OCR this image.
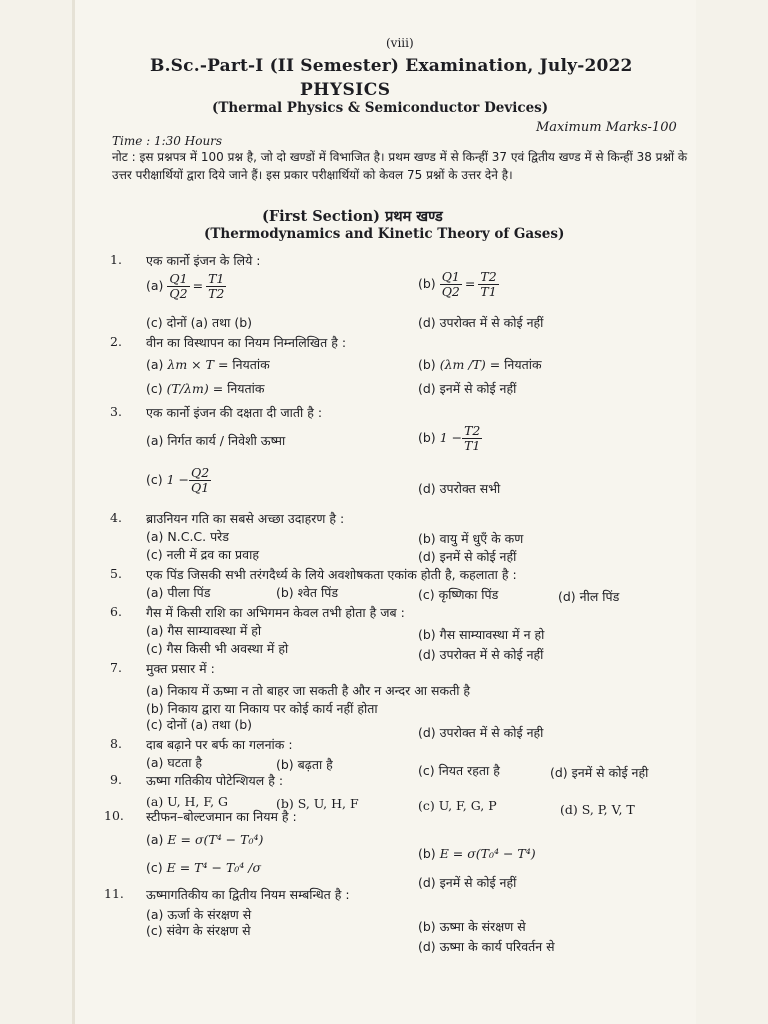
(viii)
B.Sc.-Part-I (II Semester) Examination, July-2022
PHYSICS
(Thermal Physics & Semiconductor Devices)
Maximum Marks-100
Time : 1:30 Hours
नोट : इस प्रश्नपत्र में 100 प्रश्न है, जो दो खण्डों में विभाजित है। प्रथम खण्ड में से किन्हीं 37 एवं द्वितीय खण्ड में से किन्हीं 38 प्रश्नों के उत्तर परीक्षार्थियों द्वारा दिये जाने हैं। इस प्रकार परीक्षार्थियों को केवल 75 प्रश्नों के उत्तर देने है।
(First Section) प्रथम खण्ड
(Thermodynamics and Kinetic Theory of Gases)
1. एक कार्नो इंजन के लिये :
$(a) \frac{Q1}{Q2} = \frac{T1}{T2}$	$(b) \frac{Q1}{Q2} = \frac{T2}{T1}$
(c) दोनों (a) तथा (b)	(d) उपरोक्त में से कोई नहीं
2. वीन का विस्थापन का नियम निम्नलिखित है :
(a) λm × T = नियतांक	(b) (λm /T) = नियतांक
(c) (T/λm) = नियतांक	(d) इनमें से कोई नहीं
3. एक कार्नो इंजन की दक्षता दी जाती है :
(a) निर्गत कार्य / निवेशी ऊष्मा	(b) $1 - \frac{T2}{T1}$
(c) $1 - \frac{Q2}{Q1}$	(d) उपरोक्त सभी
4. ब्राउनियन गति का सबसे अच्छा उदाहरण है :
(a) N.C.C. परेड	(b) वायु में धुएँ के कण
(c) नली में द्रव का प्रवाह	(d) इनमें से कोई नहीं
5. एक पिंड जिसकी सभी तरंगदैर्ध्य के लिये अवशोषकता एकांक होती है, कहलाता है :
(a) पीला पिंड	(b) श्वेत पिंड	(c) कृष्णिका पिंड	(d) नील पिंड
6. गैस में किसी राशि का अभिगमन केवल तभी होता है जब :
(a) गैस साम्यावस्था में हो	(b) गैस साम्यावस्था में न हो
(c) गैस किसी भी अवस्था में हो	(d) उपरोक्त में से कोई नहीं
7. मुक्त प्रसार में :
(a) निकाय में ऊष्मा न तो बाहर जा सकती है और न अन्दर आ सकती है
(b) निकाय द्वारा या निकाय पर कोई कार्य नहीं होता
(c) दोनों (a) तथा (b)
(d) उपरोक्त में से कोई नही
8. दाब बढ़ाने पर बर्फ का गलनांक :
(a) घटता है	(b) बढ़ता है	(c) नियत रहता है	(d) इनमें से कोई नही
9. ऊष्मा गतिकीय पोटेन्शियल है :
(a) U, H, F, G	(b) S, U, H, F	(c) U, F, G, P	(d) S, P, V, T
10. स्टीफन–बोल्टजमान का नियम है :
(a) E = σ(T⁴ − T₀⁴)
(b) E = σ(T₀⁴ − T⁴)
(c) E = T⁴ − T₀⁴ /σ
(d) इनमें से कोई नहीं
11. ऊष्मागतिकीय का द्वितीय नियम सम्बन्धित है :
(a) ऊर्जा के संरक्षण से
(b) ऊष्मा के संरक्षण से
(c) संवेग के संरक्षण से
(d) ऊष्मा के कार्य परिवर्तन से
